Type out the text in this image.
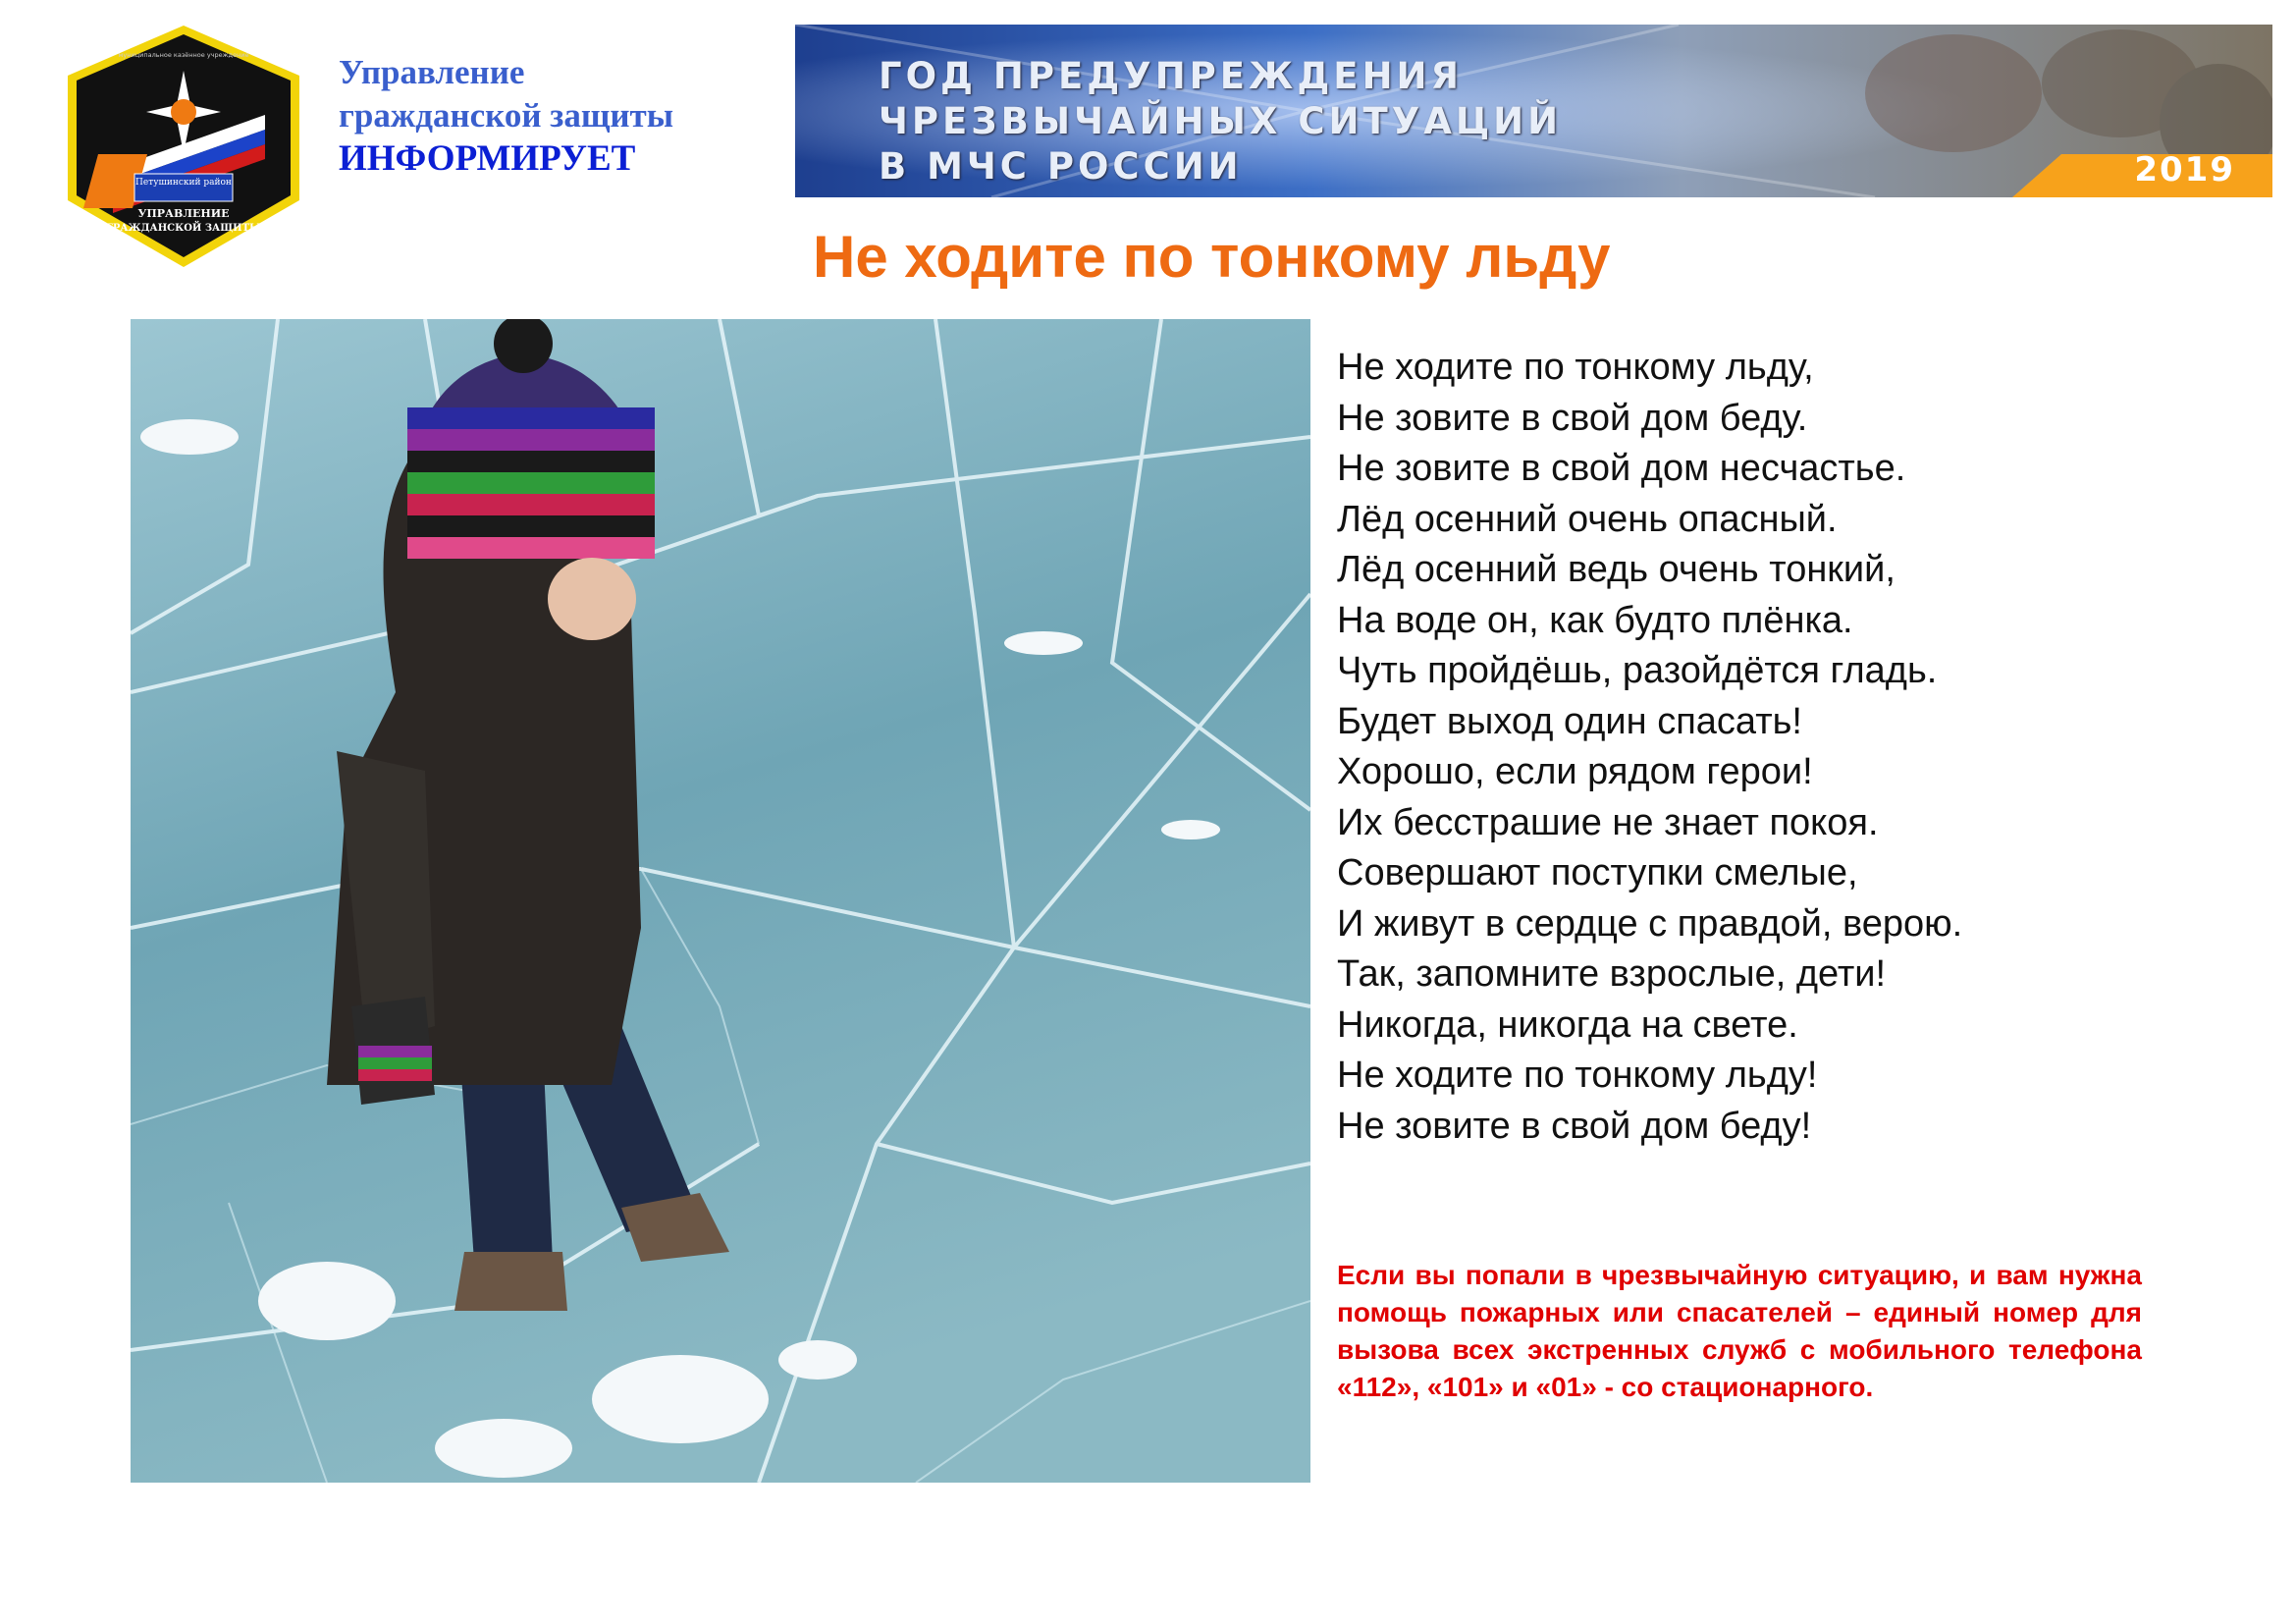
Петушинский район
УПРАВЛЕНИЕ
ГРАЖДАНСКОЙ ЗАЩИТЫ
муниципальное казённое учреждение	Управление
гражданской защиты
ИНФОРМИРУЕТ
ГОД ПРЕДУПРЕЖДЕНИЯ
ЧРЕЗВЫЧАЙНЫХ СИТУАЦИЙ
В МЧС РОССИИ	2019
Не ходите по тонкому льду
Не ходите по тонкому льду,
Не зовите в свой дом беду.
Не зовите в свой дом несчастье.
Лёд осенний очень опасный.
Лёд осенний ведь очень тонкий,
На воде он, как будто плёнка.
Чуть пройдёшь, разойдётся гладь.
Будет выход один спасать!
Хорошо, если рядом герои!
Их бесстрашие не знает покоя.
Совершают поступки смелые,
И живут в сердце с правдой, верою.
Так, запомните взрослые, дети!
Никогда, никогда на свете.
Не ходите по тонкому льду!
Не зовите в свой дом беду!

Если вы попали в чрезвычайную ситуацию, и вам нужна помощь пожарных или спасателей – единый номер для вызова всех экстренных служб с мобильного телефона «112», «101» и «01» - со стационарного.
